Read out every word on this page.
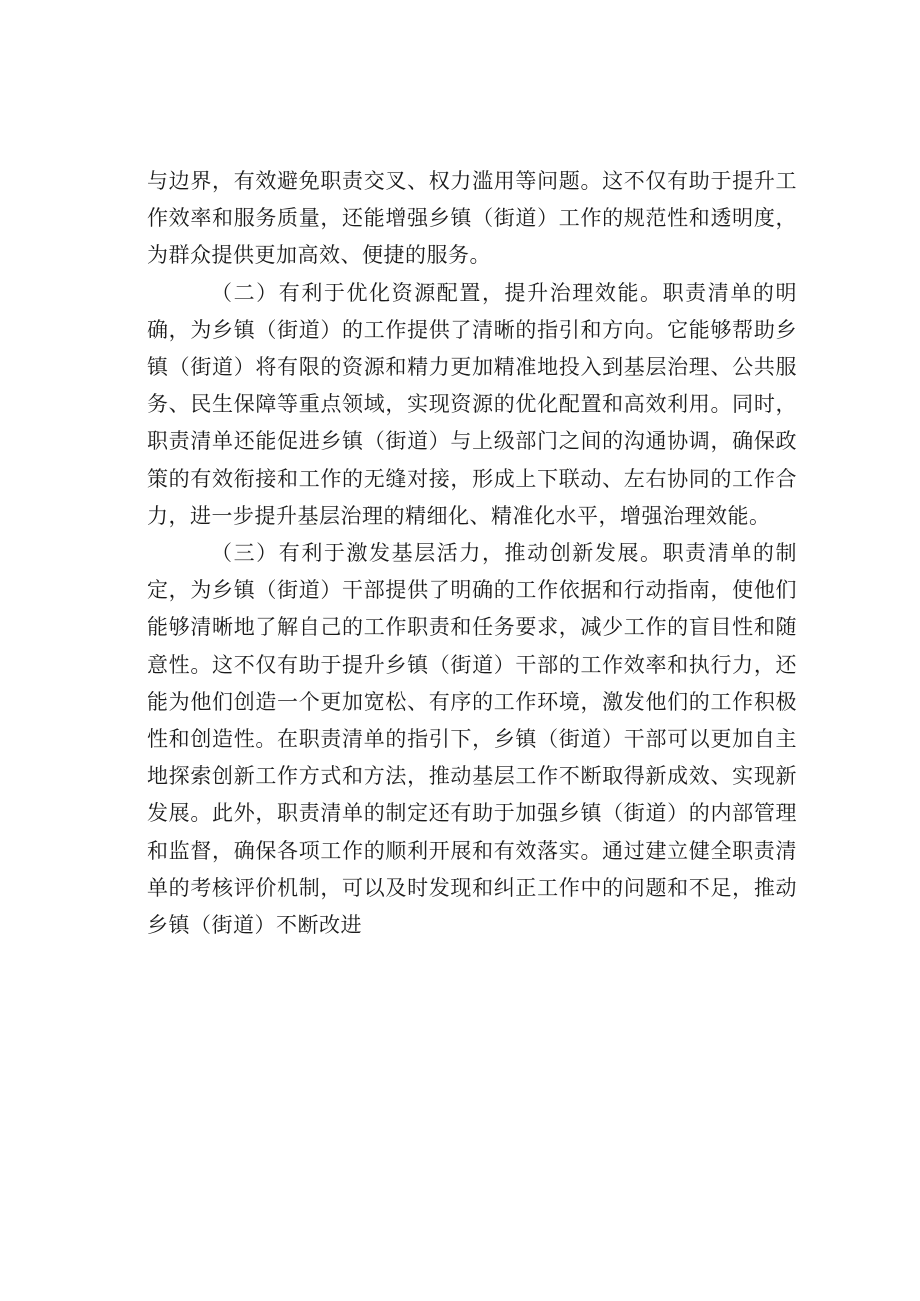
与边界，有效避免职责交叉、权力滥用等问题。这不仅有助于提升工作效率和服务质量，还能增强乡镇（街道）工作的规范性和透明度，为群众提供更加高效、便捷的服务。

（二）有利于优化资源配置，提升治理效能。职责清单的明确，为乡镇（街道）的工作提供了清晰的指引和方向。它能够帮助乡镇（街道）将有限的资源和精力更加精准地投入到基层治理、公共服务、民生保障等重点领域，实现资源的优化配置和高效利用。同时，职责清单还能促进乡镇（街道）与上级部门之间的沟通协调，确保政策的有效衔接和工作的无缝对接，形成上下联动、左右协同的工作合力，进一步提升基层治理的精细化、精准化水平，增强治理效能。

（三）有利于激发基层活力，推动创新发展。职责清单的制定，为乡镇（街道）干部提供了明确的工作依据和行动指南，使他们能够清晰地了解自己的工作职责和任务要求，减少工作的盲目性和随意性。这不仅有助于提升乡镇（街道）干部的工作效率和执行力，还能为他们创造一个更加宽松、有序的工作环境，激发他们的工作积极性和创造性。在职责清单的指引下，乡镇（街道）干部可以更加自主地探索创新工作方式和方法，推动基层工作不断取得新成效、实现新发展。此外，职责清单的制定还有助于加强乡镇（街道）的内部管理和监督，确保各项工作的顺利开展和有效落实。通过建立健全职责清单的考核评价机制，可以及时发现和纠正工作中的问题和不足，推动乡镇（街道）不断改进
